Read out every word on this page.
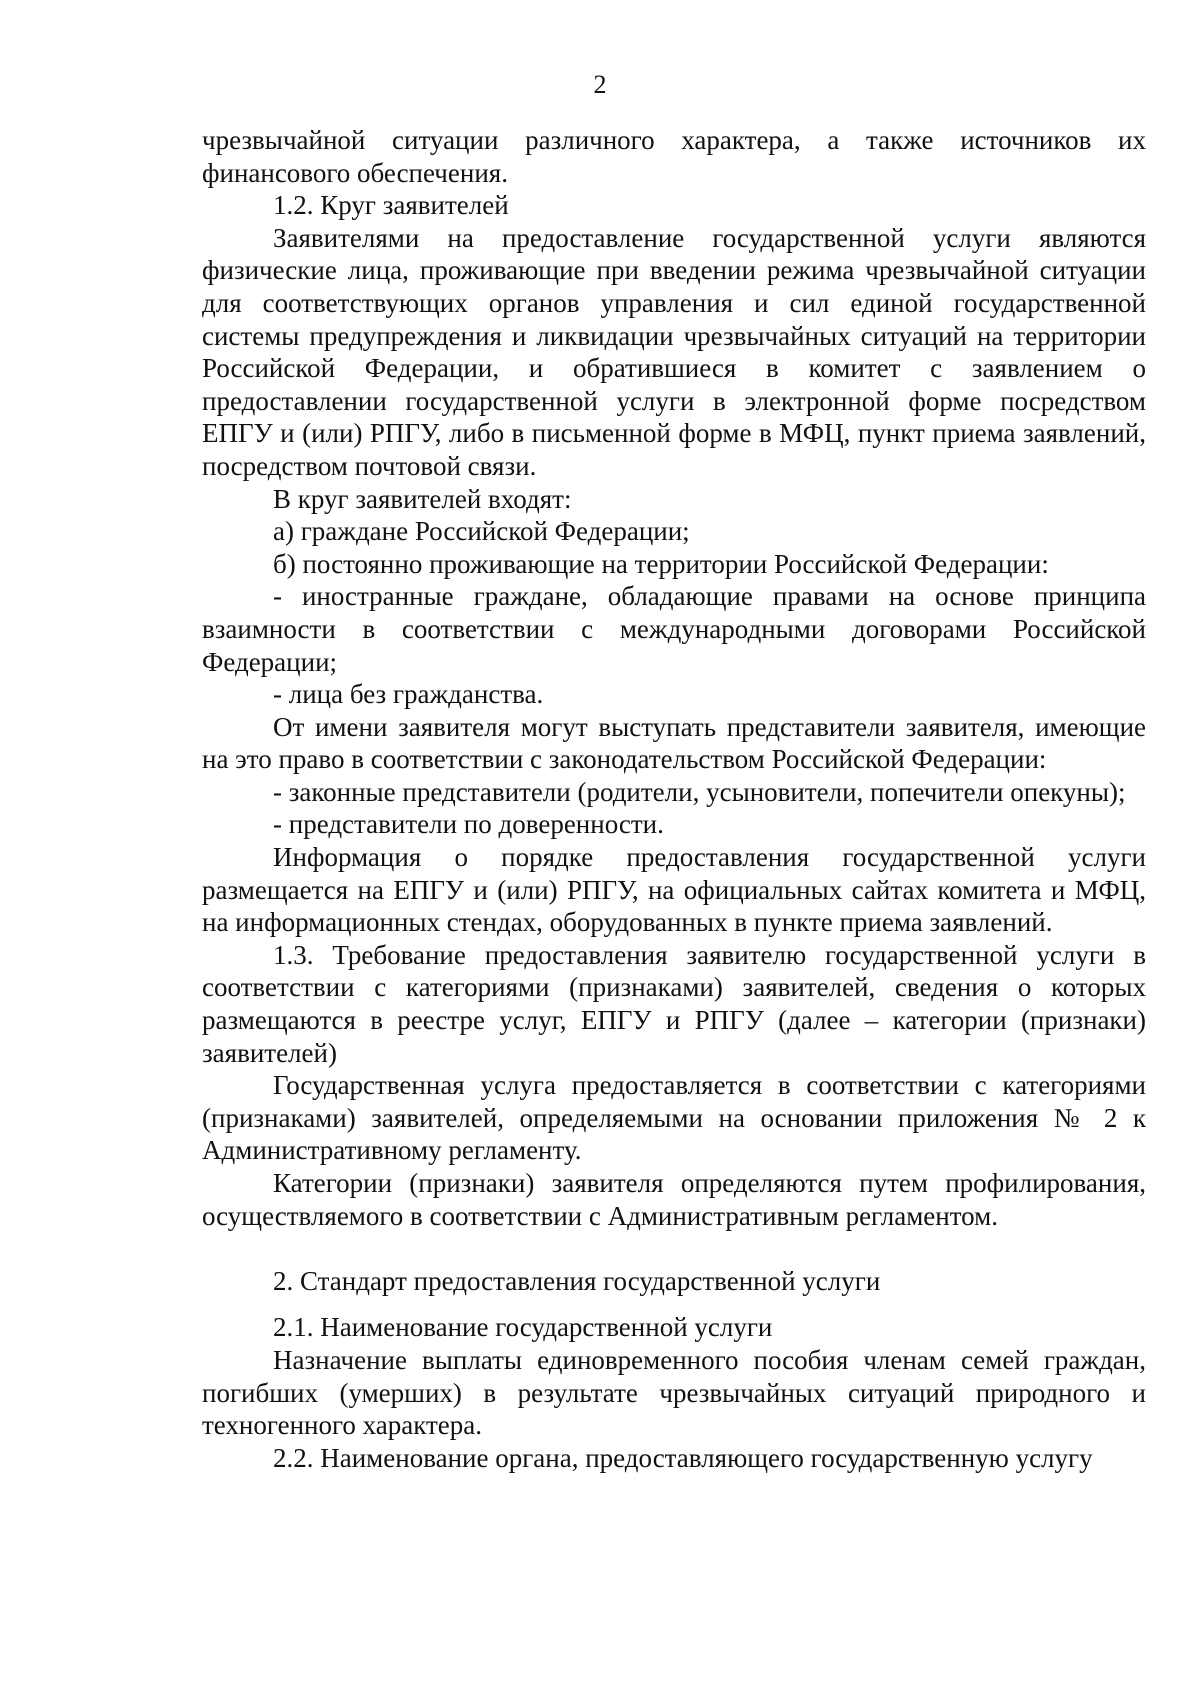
2

чрезвычайной ситуации различного характера, а также источников их финансового обеспечения.

1.2. Круг заявителей

Заявителями на предоставление государственной услуги являются физические лица, проживающие при введении режима чрезвычайной ситуации для соответствующих органов управления и сил единой государственной системы предупреждения и ликвидации чрезвычайных ситуаций на территории Российской Федерации, и обратившиеся в комитет с заявлением о предоставлении государственной услуги в электронной форме посредством ЕПГУ и (или) РПГУ, либо в письменной форме в МФЦ, пункт приема заявлений, посредством почтовой связи.

В круг заявителей входят:

а) граждане Российской Федерации;

б) постоянно проживающие на территории Российской Федерации:

- иностранные граждане, обладающие правами на основе принципа взаимности в соответствии с международными договорами Российской Федерации;

- лица без гражданства.

От имени заявителя могут выступать представители заявителя, имеющие на это право в соответствии с законодательством Российской Федерации:

- законные представители (родители, усыновители, попечители опекуны);

- представители по доверенности.

Информация о порядке предоставления государственной услуги размещается на ЕПГУ и (или) РПГУ, на официальных сайтах комитета и МФЦ, на информационных стендах, оборудованных в пункте приема заявлений.

1.3. Требование предоставления заявителю государственной услуги в соответствии с категориями (признаками) заявителей, сведения о которых размещаются в реестре услуг, ЕПГУ и РПГУ (далее – категории (признаки) заявителей)

Государственная услуга предоставляется в соответствии с категориями (признаками) заявителей, определяемыми на основании приложения № 2 к Административному регламенту.

Категории (признаки) заявителя определяются путем профилирования, осуществляемого в соответствии с Административным регламентом.

2. Стандарт предоставления государственной услуги

2.1. Наименование государственной услуги

Назначение выплаты единовременного пособия членам семей граждан, погибших (умерших) в результате чрезвычайных ситуаций природного и техногенного характера.

2.2. Наименование органа, предоставляющего государственную услугу
